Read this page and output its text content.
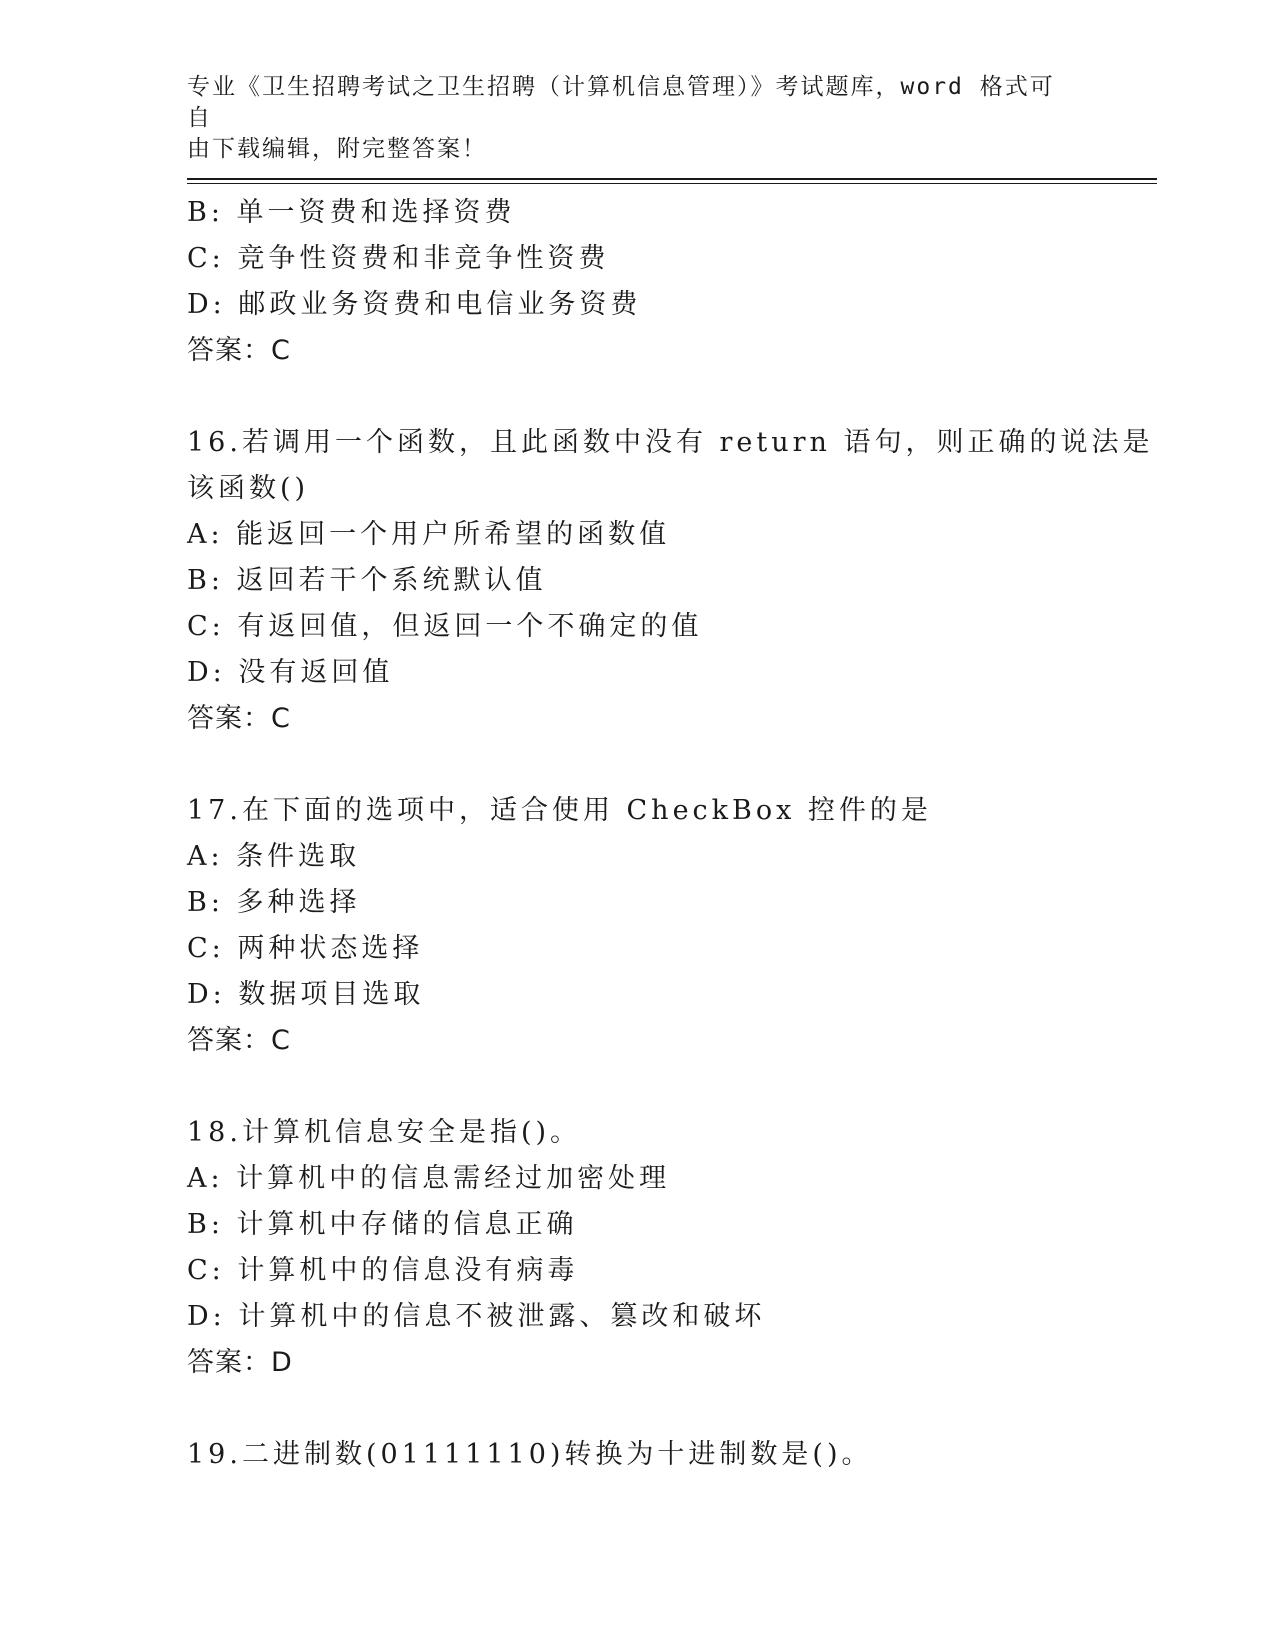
专业《卫生招聘考试之卫生招聘（计算机信息管理）》考试题库，word 格式可自
由下载编辑，附完整答案！
B: 单一资费和选择资费
C: 竞争性资费和非竞争性资费
D: 邮政业务资费和电信业务资费
答案：C
16.若调用一个函数，且此函数中没有 return 语句，则正确的说法是
该函数()
A: 能返回一个用户所希望的函数值
B: 返回若干个系统默认值
C: 有返回值，但返回一个不确定的值
D: 没有返回值
答案：C
17.在下面的选项中，适合使用 CheckBox 控件的是
A: 条件选取
B: 多种选择
C: 两种状态选择
D: 数据项目选取
答案：C
18.计算机信息安全是指()。
A: 计算机中的信息需经过加密处理
B: 计算机中存储的信息正确
C: 计算机中的信息没有病毒
D: 计算机中的信息不被泄露、篡改和破坏
答案：D
19.二进制数(01111110)转换为十进制数是()。
